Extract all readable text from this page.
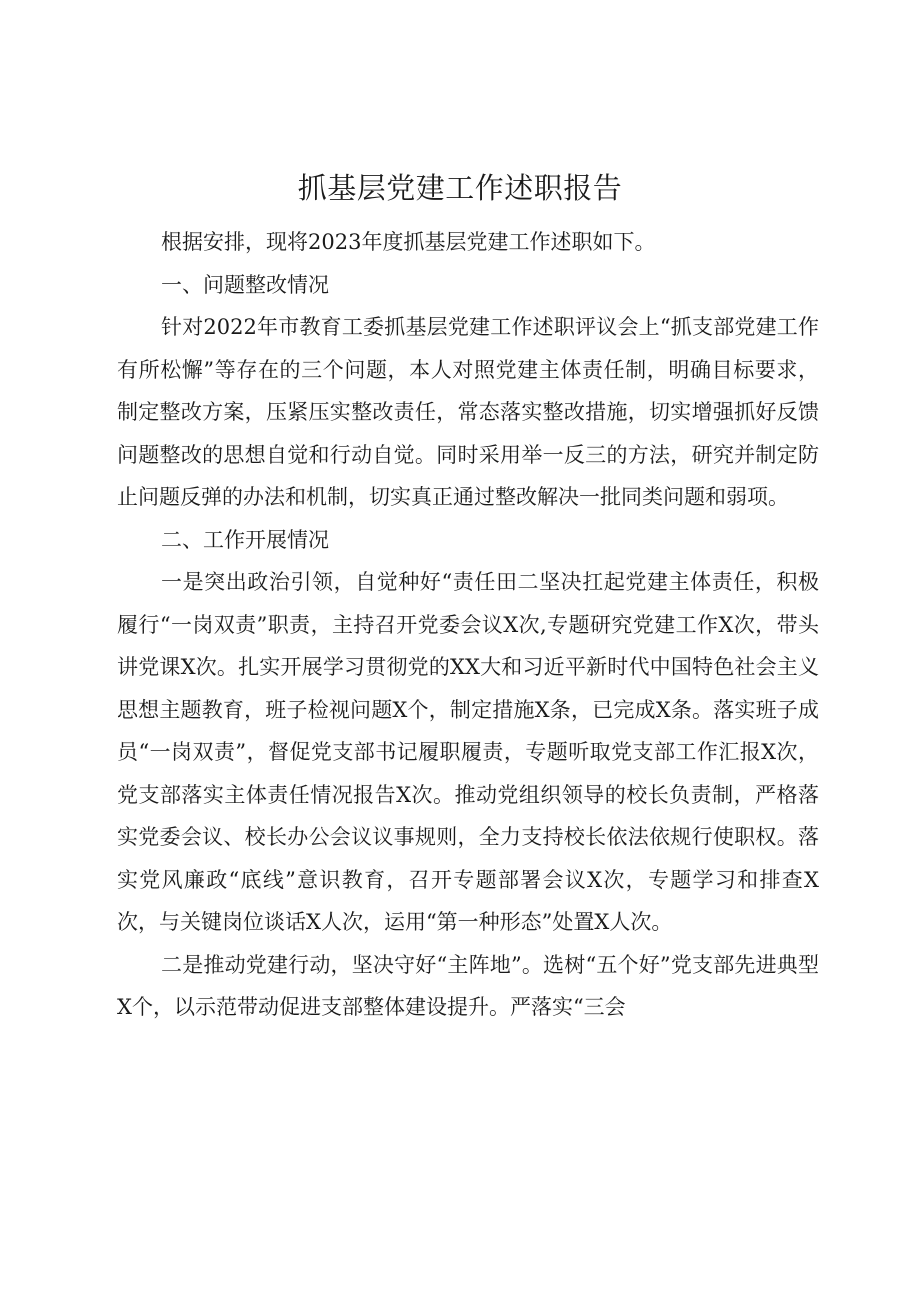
抓基层党建工作述职报告

根据安排，现将2023年度抓基层党建工作述职如下。

一、问题整改情况

针对2022年市教育工委抓基层党建工作述职评议会上“抓支部党建工作有所松懈”等存在的三个问题，本人对照党建主体责任制，明确目标要求，制定整改方案，压紧压实整改责任，常态落实整改措施，切实增强抓好反馈问题整改的思想自觉和行动自觉。同时采用举一反三的方法，研究并制定防止问题反弹的办法和机制，切实真正通过整改解决一批同类问题和弱项。

二、工作开展情况

一是突出政治引领，自觉种好“责任田二坚决扛起党建主体责任，积极履行“一岗双责”职责，主持召开党委会议X次,专题研究党建工作X次，带头讲党课X次。扎实开展学习贯彻党的XX大和习近平新时代中国特色社会主义思想主题教育，班子检视问题X个，制定措施X条，已完成X条。落实班子成员“一岗双责”，督促党支部书记履职履责，专题听取党支部工作汇报X次，党支部落实主体责任情况报告X次。推动党组织领导的校长负责制，严格落实党委会议、校长办公会议议事规则，全力支持校长依法依规行使职权。落实党风廉政“底线”意识教育，召开专题部署会议X次，专题学习和排查X次，与关键岗位谈话X人次，运用“第一种形态”处置X人次。

二是推动党建行动，坚决守好“主阵地”。选树“五个好”党支部先进典型X个，以示范带动促进支部整体建设提升。严落实“三会
